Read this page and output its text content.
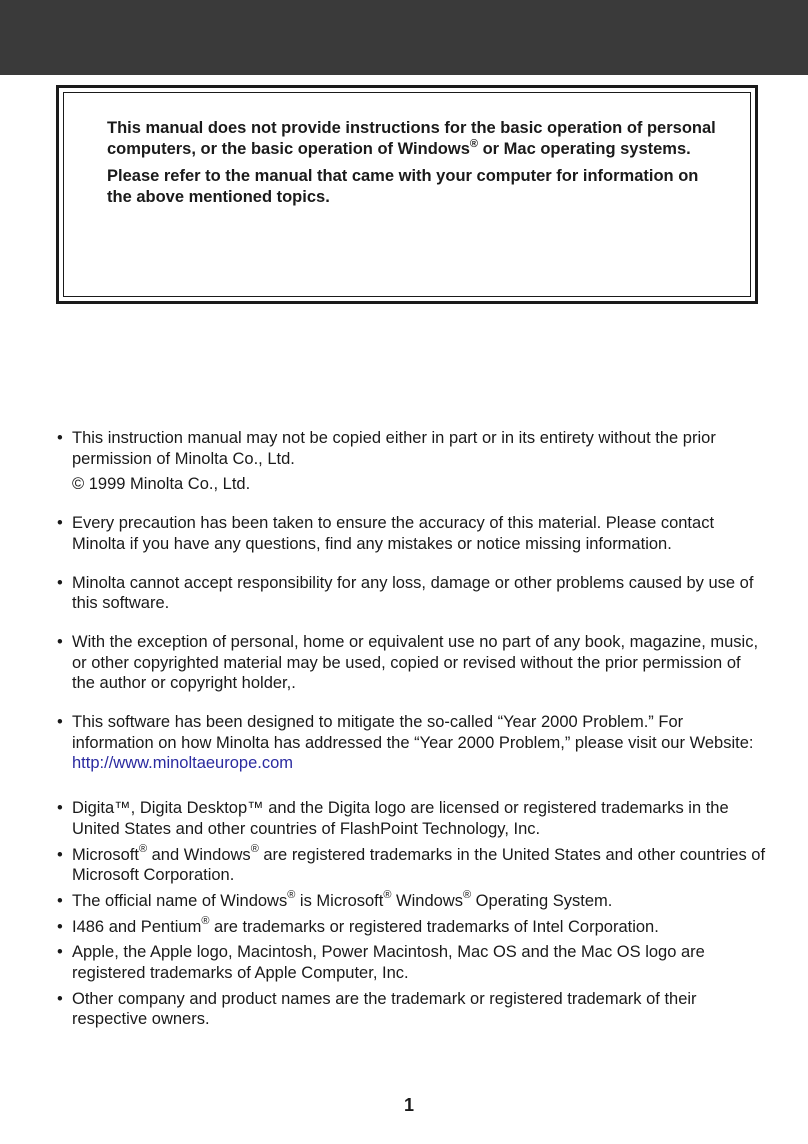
This manual does not provide instructions for the basic operation of personal computers, or the basic operation of Windows® or Mac operating systems.

Please refer to the manual that came with your computer for information on the above mentioned topics.

• This instruction manual may not be copied either in part or in its entirety without the prior permission of Minolta Co., Ltd.
© 1999 Minolta Co., Ltd.
• Every precaution has been taken to ensure the accuracy of this material. Please contact Minolta if you have any questions, find any mistakes or notice missing information.
• Minolta cannot accept responsibility for any loss, damage or other problems caused by use of this software.
• With the exception of personal, home or equivalent use no part of any book, magazine, music, or other copyrighted material may be used, copied or revised without the prior permission of the author or copyright holder,.
• This software has been designed to mitigate the so-called “Year 2000 Problem.” For information on how Minolta has addressed the “Year 2000 Problem,” please visit our Website: http://www.minoltaeurope.com
• Digita™, Digita Desktop™ and the Digita logo are licensed or registered trademarks in the United States and other countries of FlashPoint Technology, Inc.
• Microsoft® and Windows® are registered trademarks in the United States and other countries of Microsoft Corporation.
• The official name of Windows® is Microsoft® Windows® Operating System.
• I486 and Pentium® are trademarks or registered trademarks of Intel Corporation.
• Apple, the Apple logo, Macintosh, Power Macintosh, Mac OS and the Mac OS logo are registered trademarks of Apple Computer, Inc.
• Other company and product names are the trademark or registered trademark of their respective owners.
1
